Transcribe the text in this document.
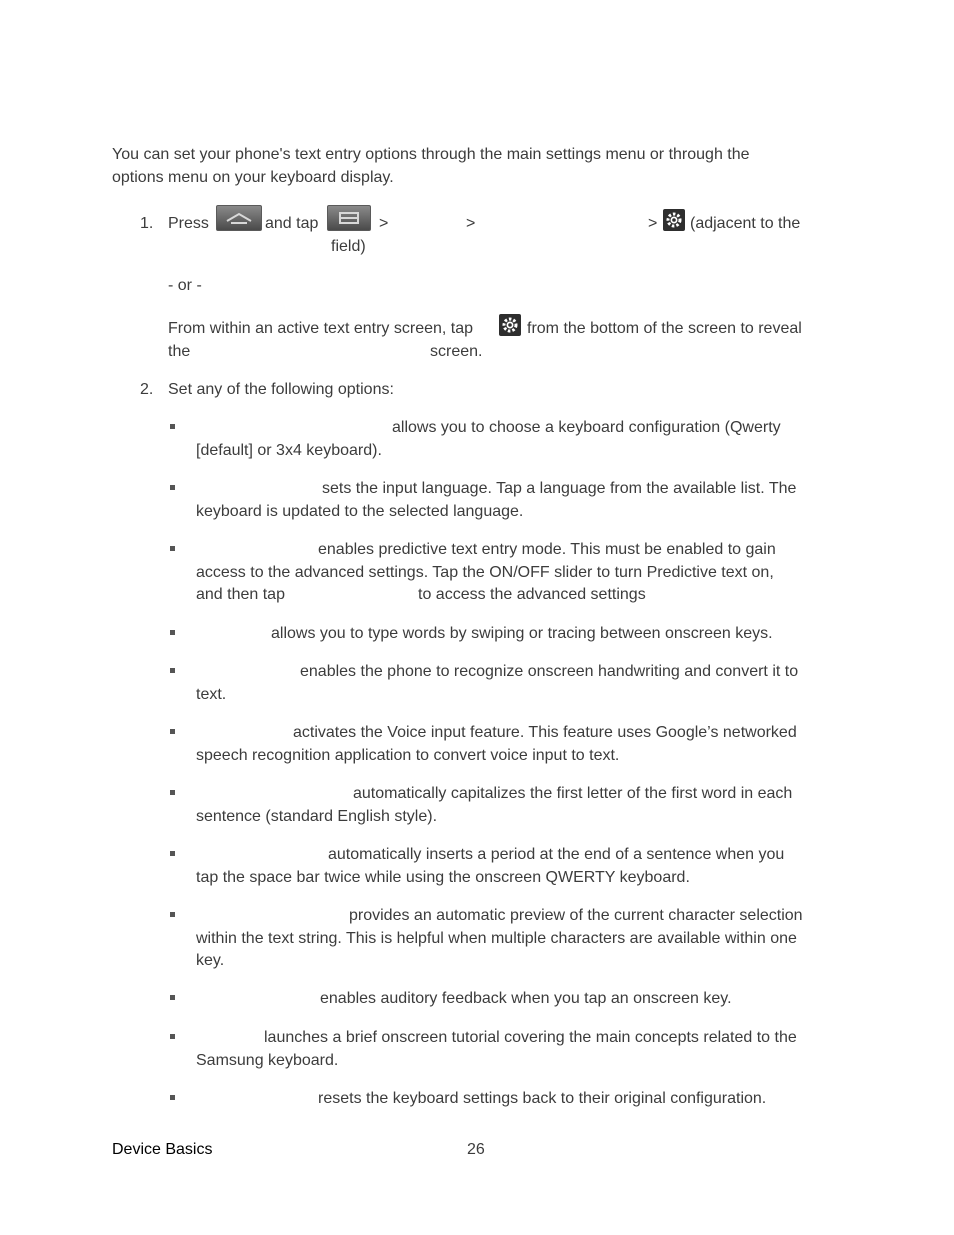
You can set your phone's text entry options through the main settings menu or through the
options menu on your keyboard display.
1. Press	and tap	>	>	> (adjacent to the
field)
- or -
From within an active text entry screen, tap	from the bottom of the screen to reveal
the	screen.
2. Set any of the following options:
allows you to choose a keyboard configuration (Qwerty
[default] or 3x4 keyboard).
sets the input language. Tap a language from the available list. The
keyboard is updated to the selected language.
enables predictive text entry mode. This must be enabled to gain
access to the advanced settings. Tap the ON/OFF slider to turn Predictive text on,
and then tap	to access the advanced settings
allows you to type words by swiping or tracing between onscreen keys.
enables the phone to recognize onscreen handwriting and convert it to
text.
activates the Voice input feature. This feature uses Google’s networked
speech recognition application to convert voice input to text.
automatically capitalizes the first letter of the first word in each
sentence (standard English style).
automatically inserts a period at the end of a sentence when you
tap the space bar twice while using the onscreen QWERTY keyboard.
provides an automatic preview of the current character selection
within the text string. This is helpful when multiple characters are available within one
key.
enables auditory feedback when you tap an onscreen key.
launches a brief onscreen tutorial covering the main concepts related to the
Samsung keyboard.
resets the keyboard settings back to their original configuration.
Device Basics	26
